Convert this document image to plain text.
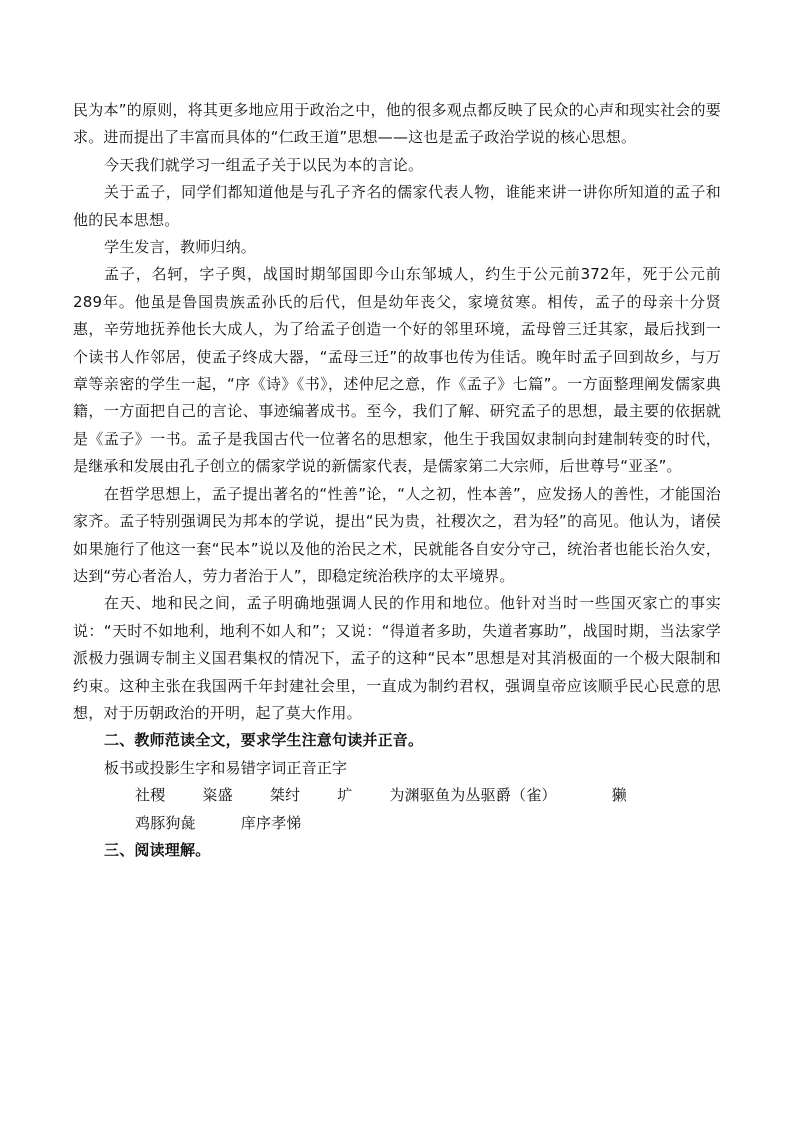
民为本”的原则，将其更多地应用于政治之中，他的很多观点都反映了民众的心声和现实社会的要求。进而提出了丰富而具体的“仁政王道”思想——这也是孟子政治学说的核心思想。

今天我们就学习一组孟子关于以民为本的言论。

关于孟子，同学们都知道他是与孔子齐名的儒家代表人物，谁能来讲一讲你所知道的孟子和他的民本思想。

学生发言，教师归纳。

孟子，名轲，字子舆，战国时期邹国即今山东邹城人，约生于公元前372年，死于公元前289年。他虽是鲁国贵族孟孙氏的后代，但是幼年丧父，家境贫寒。相传，孟子的母亲十分贤惠，辛劳地抚养他长大成人，为了给孟子创造一个好的邻里环境，孟母曾三迁其家，最后找到一个读书人作邻居，使孟子终成大器，“孟母三迁”的故事也传为佳话。晚年时孟子回到故乡，与万章等亲密的学生一起，“序《诗》《书》，述仲尼之意，作《孟子》七篇”。一方面整理阐发儒家典籍，一方面把自己的言论、事迹编著成书。至今，我们了解、研究孟子的思想，最主要的依据就是《孟子》一书。孟子是我国古代一位著名的思想家，他生于我国奴隶制向封建制转变的时代，是继承和发展由孔子创立的儒家学说的新儒家代表，是儒家第二大宗师，后世尊号“亚圣”。

在哲学思想上，孟子提出著名的“性善”论，“人之初，性本善”，应发扬人的善性，才能国治家齐。孟子特别强调民为邦本的学说，提出“民为贵，社稷次之，君为轻”的高见。他认为，诸侯如果施行了他这一套“民本”说以及他的治民之术，民就能各自安分守己，统治者也能长治久安，达到“劳心者治人，劳力者治于人”，即稳定统治秩序的太平境界。

在天、地和民之间，孟子明确地强调人民的作用和地位。他针对当时一些国灭家亡的事实说：“天时不如地利，地利不如人和”；又说：“得道者多助，失道者寡助”，战国时期，当法家学派极力强调专制主义国君集权的情况下，孟子的这种“民本”思想是对其消极面的一个极大限制和约束。这种主张在我国两千年封建社会里，一直成为制约君权，强调皇帝应该顺乎民心民意的思想，对于历朝政治的开明，起了莫大作用。

二、教师范读全文，要求学生注意句读并正音。

板书或投影生字和易错字词正音正字

社稷 粢盛 桀纣 圹 为渊驱鱼为丛驱爵（雀）	獭

鸡豚狗彘	庠序孝悌

三、阅读理解。
